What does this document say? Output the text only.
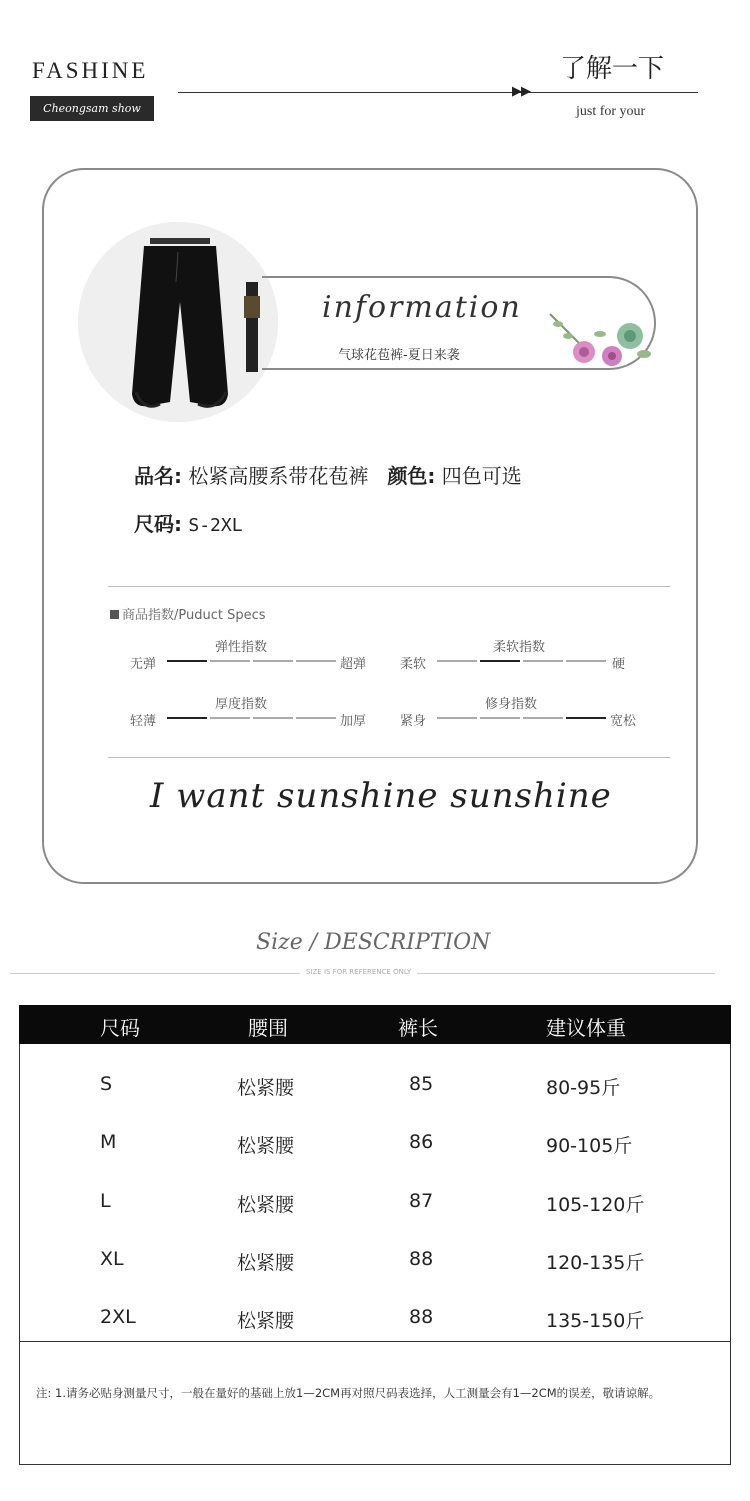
FASHINE
Cheongsam show
▶▶
了解一下
just for your
information
气球花苞裤-夏日来袭
品名: 松紧高腰系带花苞裤 颜色: 四色可选
尺码: S-2XL
商品指数/Puduct Specs
弹性指数
无弹	超弹
柔软指数
柔软	硬
厚度指数
轻薄	加厚
修身指数
紧身	宽松
I want sunshine sunshine
Size / DESCRIPTION
SIZE IS FOR REFERENCE ONLY
尺码	腰围	裤长	建议体重
S	松紧腰	85	80-95斤
M	松紧腰	86	90-105斤
L	松紧腰	87	105-120斤
XL	松紧腰	88	120-135斤
2XL	松紧腰	88	135-150斤
注: 1.请务必贴身测量尺寸，一般在量好的基础上放1—2CM再对照尺码表选择，人工测量会有1—2CM的误差，敬请谅解。
